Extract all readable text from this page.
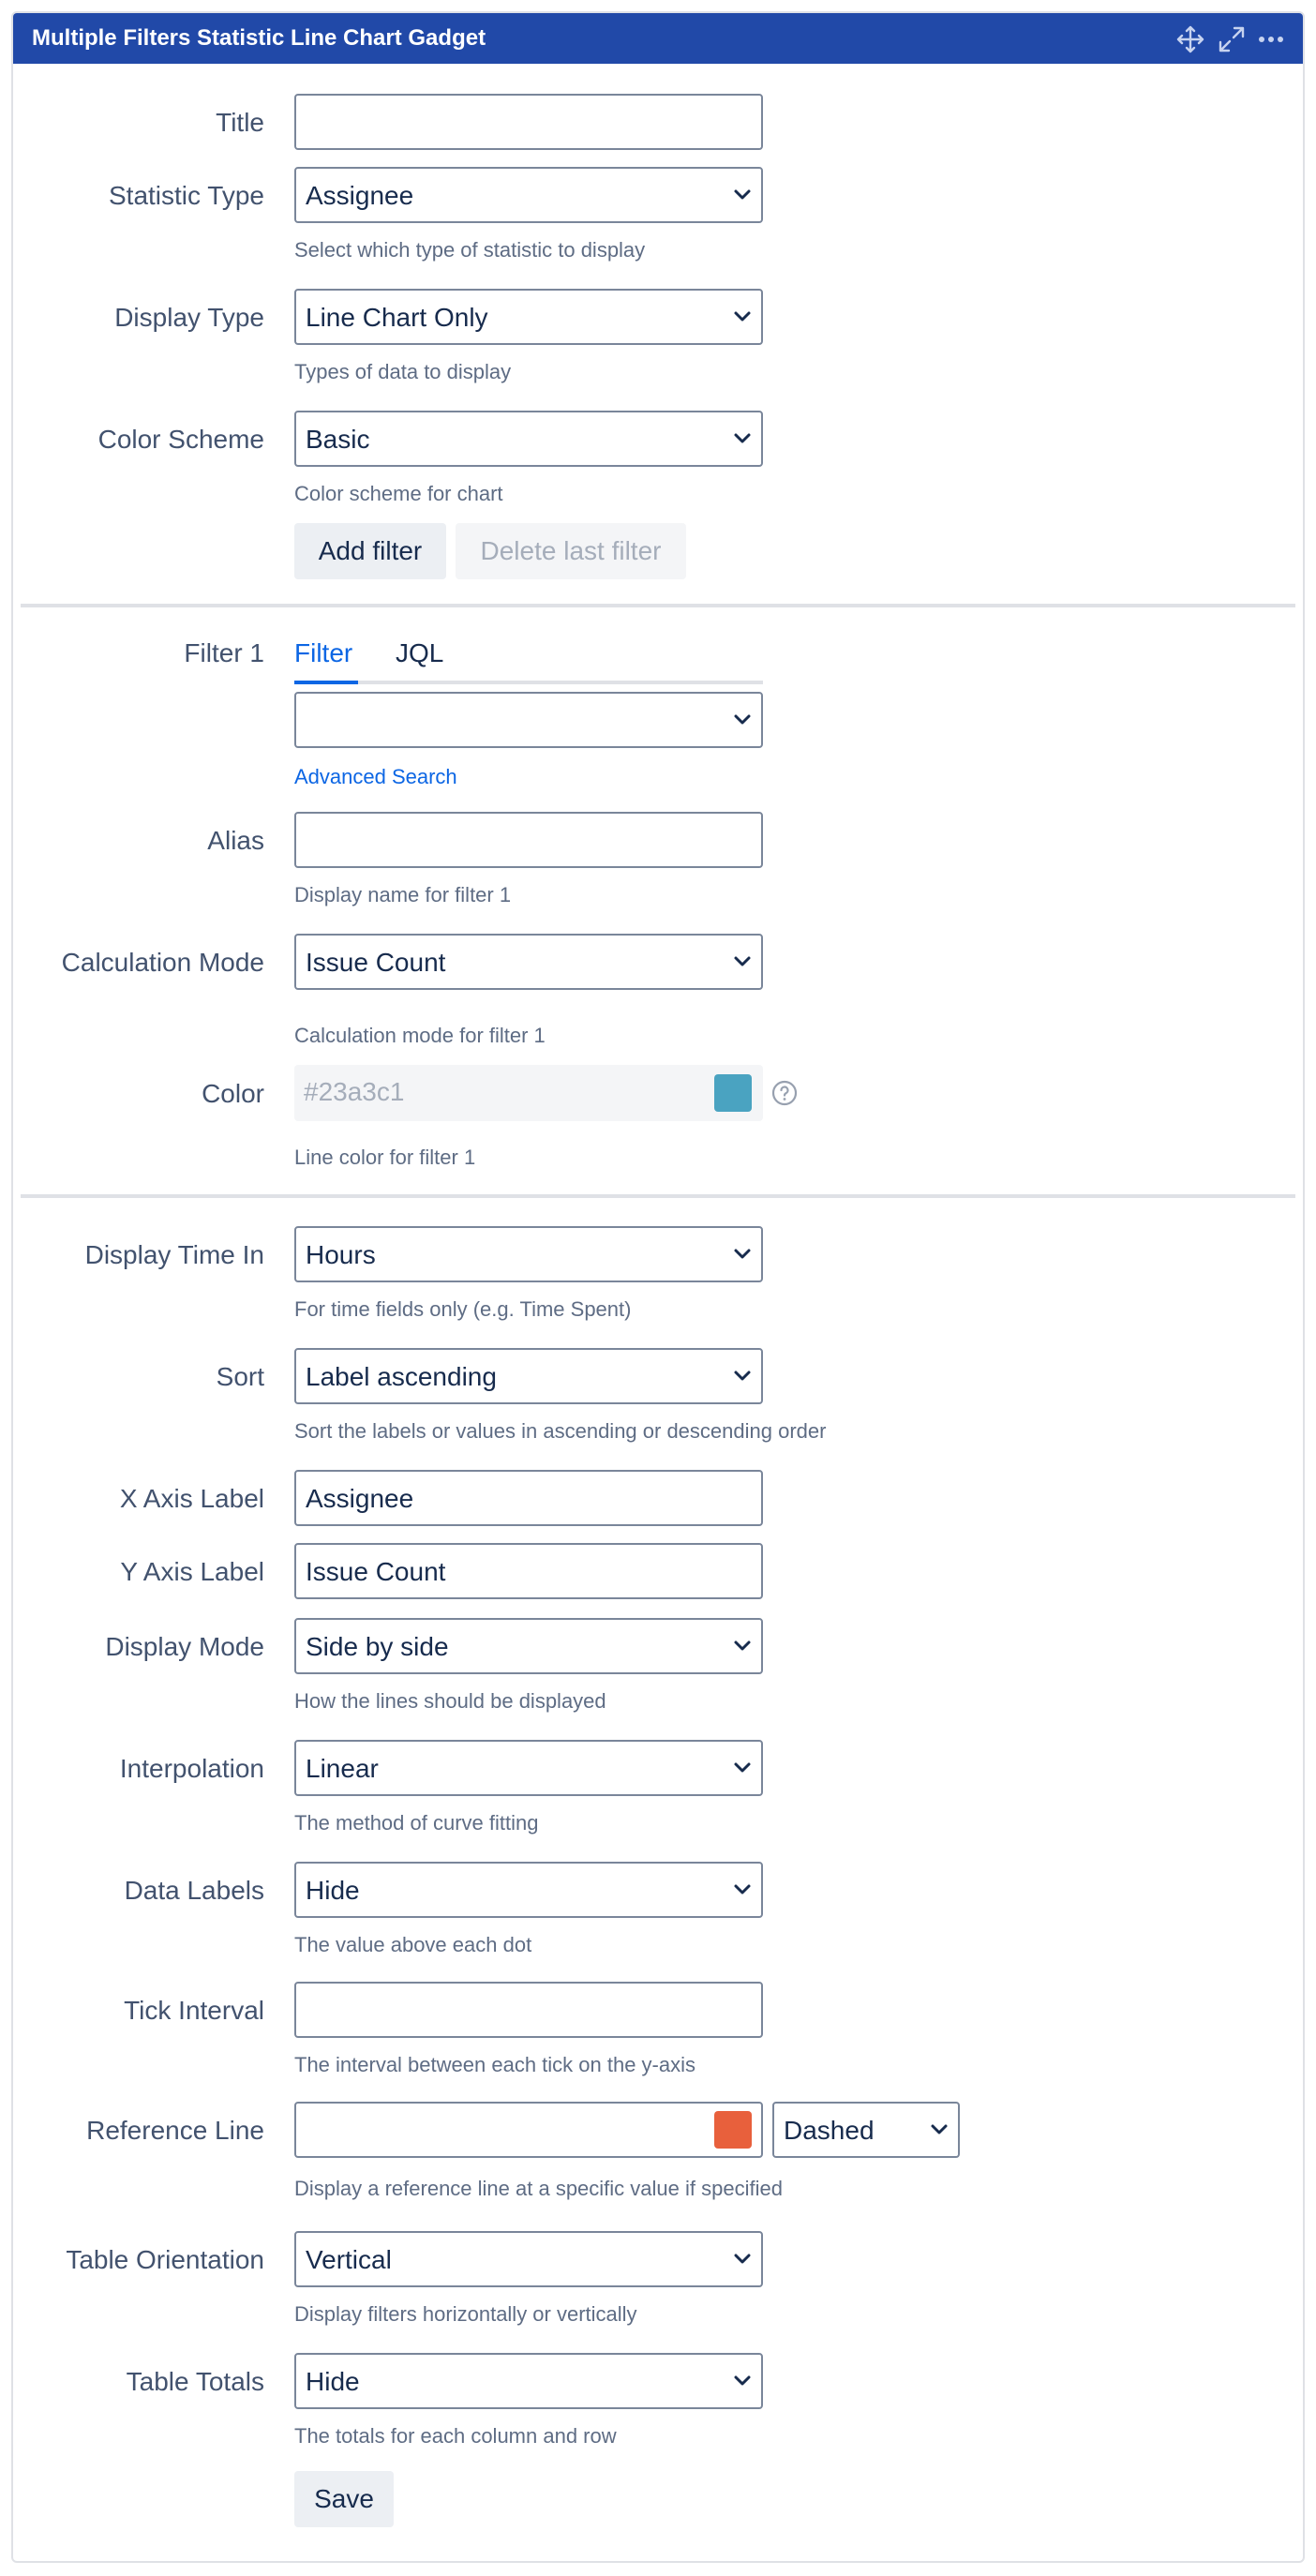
Multiple Filters Statistic Line Chart Gadget
Title
Statistic Type Assignee
Select which type of statistic to display
Display Type Line Chart Only
Types of data to display
Color Scheme Basic
Color scheme for chart
Add filter	Delete last filter
Filter 1 Filter JQL
Advanced Search
Alias
Display name for filter 1
Calculation Mode Issue Count
Calculation mode for filter 1
Color #23a3c1
Line color for filter 1
Display Time In Hours
For time fields only (e.g. Time Spent)
Sort Label ascending
Sort the labels or values in ascending or descending order
X Axis Label Assignee
Y Axis Label Issue Count
Display Mode Side by side
How the lines should be displayed
Interpolation Linear
The method of curve fitting
Data Labels Hide
The value above each dot
Tick Interval
The interval between each tick on the y-axis
Reference Line	Dashed
Display a reference line at a specific value if specified
Table Orientation Vertical
Display filters horizontally or vertically
Table Totals Hide
The totals for each column and row
Save
